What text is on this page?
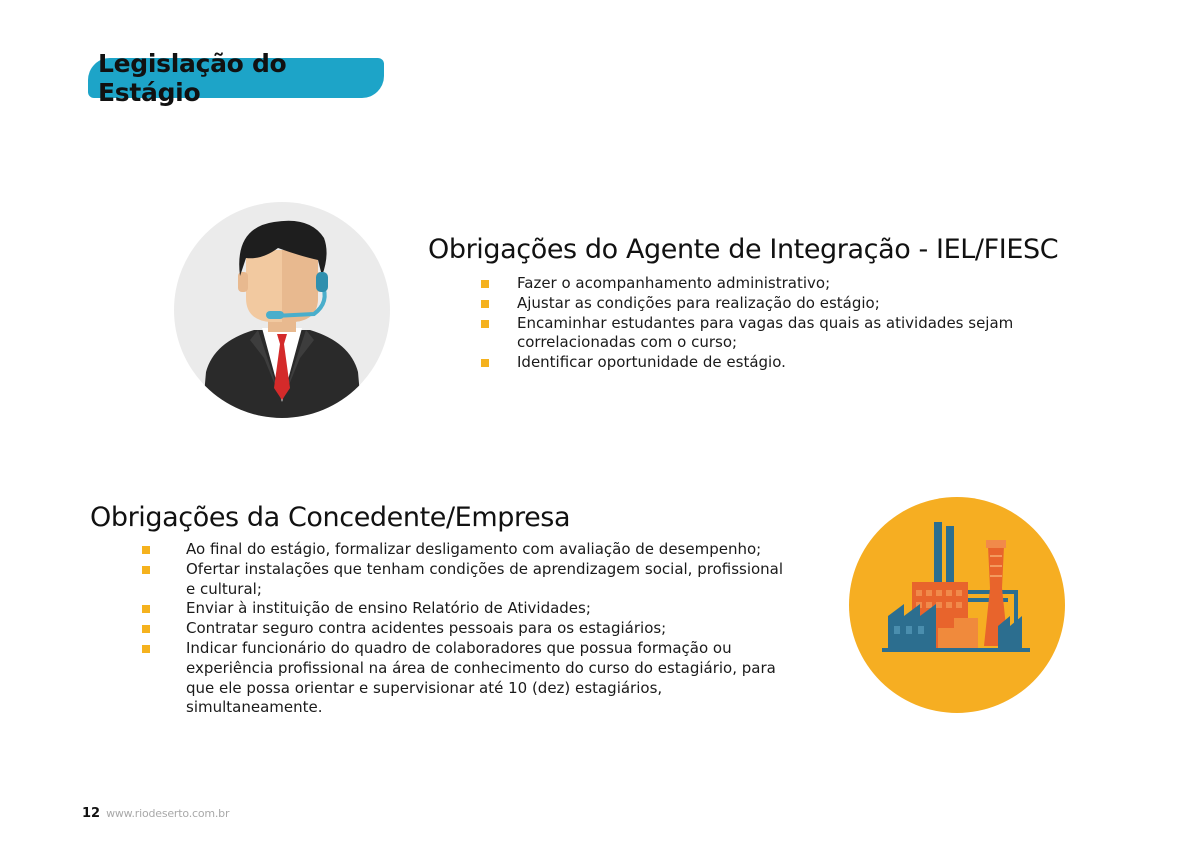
Legislação do Estágio
Obrigações do Agente de Integração - IEL/FIESC
Fazer o acompanhamento administrativo;
Ajustar as condições para realização do estágio;
Encaminhar estudantes para vagas das quais as atividades sejam correlacionadas com o curso;
Identificar oportunidade de estágio.
Obrigações da Concedente/Empresa
Ao final do estágio, formalizar desligamento com avaliação de desempenho;
Ofertar instalações que tenham condições de aprendizagem social, profissional e cultural;
Enviar à instituição de ensino Relatório de Atividades;
Contratar seguro contra acidentes pessoais para os estagiários;
Indicar funcionário do quadro de colaboradores que possua formação ou experiência profissional na área de conhecimento do curso do estagiário, para que ele possa orientar e supervisionar até 10 (dez) estagiários, simultaneamente.
12 www.riodeserto.com.br
